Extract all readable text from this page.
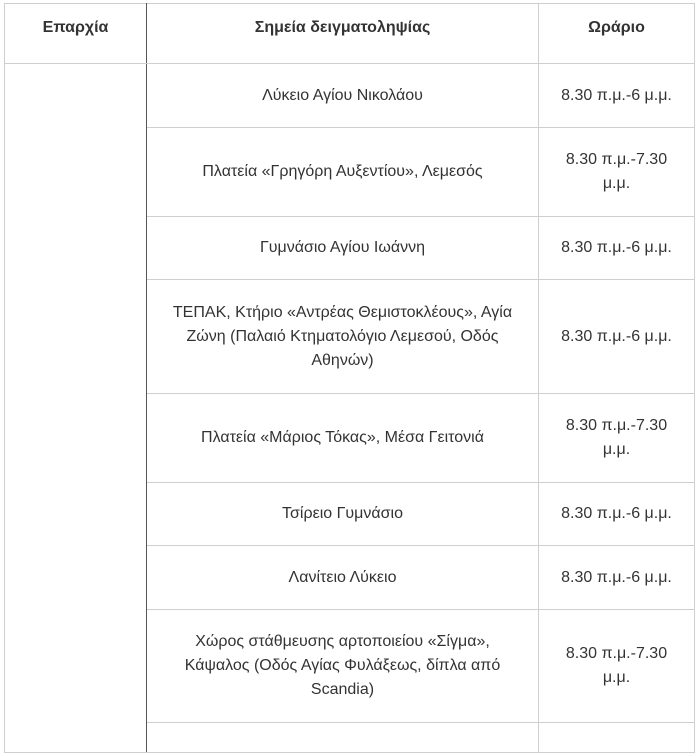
Επαρχία	Σημεία δειγματοληψίας	Ωράριο
	Λύκειο Αγίου Νικολάου	8.30 π.μ.-6 μ.μ.
	Πλατεία «Γρηγόρη Αυξεντίου», Λεμεσός	8.30 π.μ.-7.30 μ.μ.
	Γυμνάσιο Αγίου Ιωάννη	8.30 π.μ.-6 μ.μ.
	ΤΕΠΑΚ, Κτήριο «Αντρέας Θεμιστοκλέους», Αγία Ζώνη (Παλαιό Κτηματολόγιο Λεμεσού, Οδός Αθηνών)	8.30 π.μ.-6 μ.μ.
	Πλατεία «Μάριος Τόκας», Μέσα Γειτονιά	8.30 π.μ.-7.30 μ.μ.
	Τσίρειο Γυμνάσιο	8.30 π.μ.-6 μ.μ.
	Λανίτειο Λύκειο	8.30 π.μ.-6 μ.μ.
	Χώρος στάθμευσης αρτοποιείου «Σίγμα», Κάψαλος (Οδός Αγίας Φυλάξεως, δίπλα από Scandia)	8.30 π.μ.-7.30 μ.μ.
